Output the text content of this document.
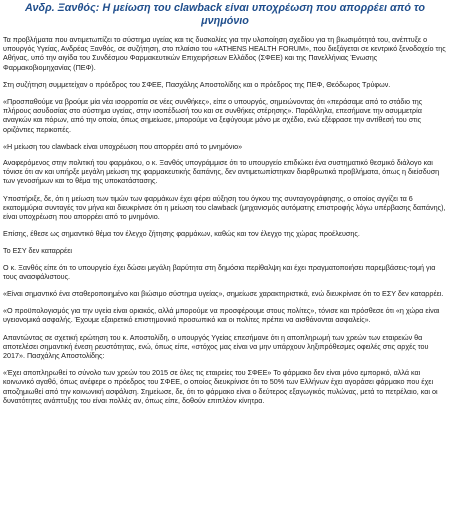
Ανδρ. Ξανθός: Η μείωση του clawback είναι υποχρέωση που απορρέει από το μνημόνιο
Τα προβλήματα που αντιμετωπίζει το σύστημα υγείας και τις δυσκολίες για την υλοποίηση σχεδίου για τη βιωσιμότητά του, ανέπτυξε ο υπουργός Υγείας, Ανδρέας Ξανθός, σε συζήτηση, στο πλαίσιο του «ATHENS HEALTH FORUM», που διεξάγεται σε κεντρικό ξενοδοχείο της Αθήνας, υπό την αιγίδα του Συνδέσμου Φαρμακευτικών Επιχειρήσεων Ελλάδος (ΣΦΕΕ) και της Πανελλήνιας Ένωσης Φαρμακοβιομηχανίας (ΠΕΦ).
Στη συζήτηση συμμετείχαν ο πρόεδρος του ΣΦΕΕ, Πασχάλης Αποστολίδης και ο πρόεδρος της ΠΕΦ, Θεόδωρος Τρύφων.
«Προσπαθούμε να βρούμε μία νέα ισορροπία σε νέες συνθήκες», είπε ο υπουργός, σημειώνοντας ότι «περάσαμε από το στάδιο της πλήρους ασυδοσίας στο σύστημα υγείας, στην ισοπέδωσή του και σε συνθήκες στέρησης». Παράλληλα, επεσήμανε την ασυμμετρία αναγκών και πόρων, από την οποία, όπως σημείωσε, μπορούμε να ξεφύγουμε μόνο με σχέδιο, ενώ εξέφρασε την αντίθεσή του στις οριζόντιες περικοπές.
«Η μείωση του clawback είναι υποχρέωση που απορρέει από το μνημόνιο»
Αναφερόμενος στην πολιτική του φαρμάκου, ο κ. Ξανθός υπογράμμισε ότι το υπουργείο επιδιώκει ένα συστηματικό θεσμικό διάλογο και τόνισε ότι αν και υπήρξε μεγάλη μείωση της φαρμακευτικής δαπάνης, δεν αντιμετωπίστηκαν διαρθρωτικά προβλήματα, όπως η διείσδυση των γενοσήμων και το θέμα της υποκατάστασης.
Υποστήριξε, δε, ότι η μείωση των τιμών των φαρμάκων έχει φέρει αύξηση του όγκου της συνταγογράφησης, ο οποίος αγγίζει τα 6 εκατομμύρια συνταγές τον μήνα και διευκρίνισε ότι η μείωση του clawback (μηχανισμός αυτόματης επιστροφής λόγω υπέρβασης δαπάνης), είναι υποχρέωση που απορρέει από το μνημόνιο.
Επίσης, έθεσε ως σημαντικό θέμα τον έλεγχο ζήτησης φαρμάκων, καθώς και τον έλεγχο της χώρας προέλευσης.
Το ΕΣΥ δεν καταρρέει
Ο κ. Ξανθός είπε ότι το υπουργείο έχει δώσει μεγάλη βαρύτητα στη δημόσια περίθαλψη και έχει πραγματοποιήσει παρεμβάσεις-τομή για τους ανασφάλιστους.
«Είναι σημαντικό ένα σταθεροποιημένο και βιώσιμο σύστημα υγείας», σημείωσε χαρακτηριστικά, ενώ διευκρίνισε ότι το ΕΣΥ δεν καταρρέει.
«Ο προϋπολογισμός για την υγεία είναι οριακός, αλλά μπορούμε να προσφέρουμε στους πολίτες», τόνισε και πρόσθεσε ότι «η χώρα είναι υγειονομικά ασφαλής. Έχουμε εξαιρετικό επιστημονικό προσωπικό και οι πολίτες πρέπει να αισθάνονται ασφαλείς».
Απαντώντας σε σχετική ερώτηση του κ. Αποστολίδη, ο υπουργός Υγείας επεσήμανε ότι η αποπληρωμή των χρεών των εταιρειών θα αποτελέσει σημαντική ένεση ρευστότητας, ενώ, όπως είπε, «στόχος μας είναι να μην υπάρχουν ληξιπρόθεσμες οφειλές στις αρχές του 2017». Πασχάλης Αποστολίδης:
«Έχει αποπληρωθεί το σύνολο των χρεών του 2015 σε όλες τις εταιρείες του ΣΦΕΕ» Το φάρμακο δεν είναι μόνο εμπορικό, αλλά και κοινωνικό αγαθό, όπως ανέφερε ο πρόεδρος του ΣΦΕΕ, ο οποίος διευκρίνισε ότι το 50% των Ελλήνων έχει αγοράσει φάρμακο που έχει αποζημιωθεί από την κοινωνική ασφάλιση. Σημείωσε, δε, ότι το φάρμακο είναι ο δεύτερος εξαγωγικός πυλώνας, μετά το πετρέλαιο, και οι δυνατότητες ανάπτυξης του είναι πολλές αν, όπως είπε, δοθούν επιπλέον κίνητρα.
